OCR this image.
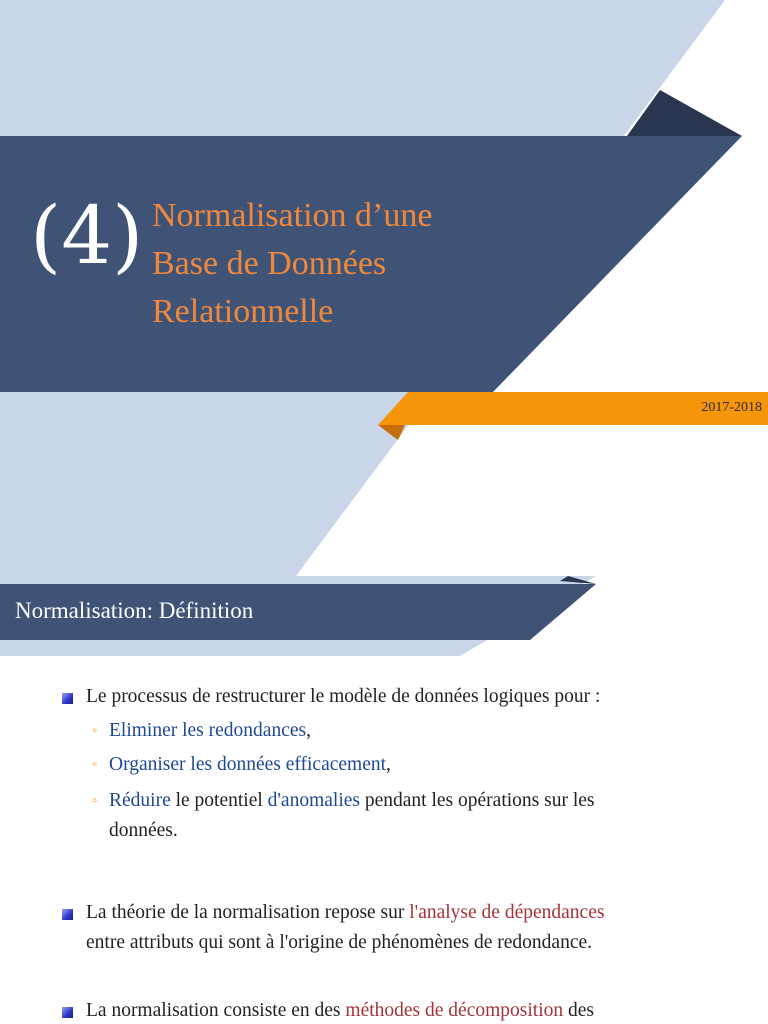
(4) Normalisation d’une
Base de Données
Relationnelle
2017-2018
Normalisation: Définition
Le processus de restructurer le modèle de données logiques pour :
◦ Eliminer les redondances,
◦ Organiser les données efficacement,
◦ Réduire le potentiel d'anomalies pendant les opérations sur les
données.
La théorie de la normalisation repose sur l'analyse de dépendances
entre attributs qui sont à l'origine de phénomènes de redondance.
La normalisation consiste en des méthodes de décomposition des
